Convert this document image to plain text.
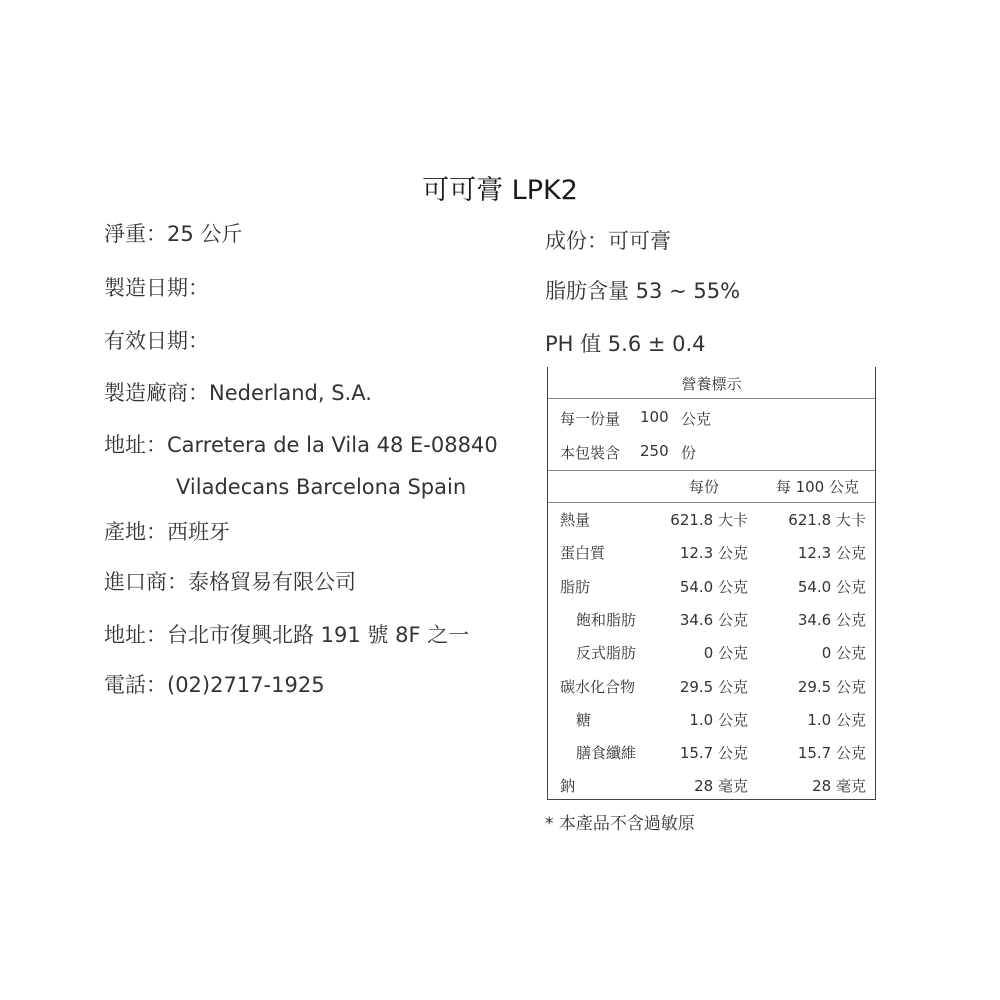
可可膏 LPK2
淨重：25 公斤
製造日期：
有效日期：
製造廠商：Nederland, S.A.
地址：Carretera de la Vila 48 E-08840
Viladecans Barcelona Spain
產地：西班牙
進口商：泰格貿易有限公司
地址：台北市復興北路 191 號 8F 之一
電話：(02)2717-1925
成份：可可膏
脂肪含量 53 ~ 55%
PH 值 5.6 ± 0.4
營養標示
每一份量 100 公克
本包裝含 250 份
每份	每 100 公克
熱量	621.8 大卡	621.8 大卡
蛋白質	12.3 公克	12.3 公克
脂肪	54.0 公克	54.0 公克
飽和脂肪	34.6 公克	34.6 公克
反式脂肪	0 公克	0 公克
碳水化合物	29.5 公克	29.5 公克
糖	1.0 公克	1.0 公克
膳食纖維	15.7 公克	15.7 公克
鈉	28 毫克	28 毫克
* 本產品不含過敏原
